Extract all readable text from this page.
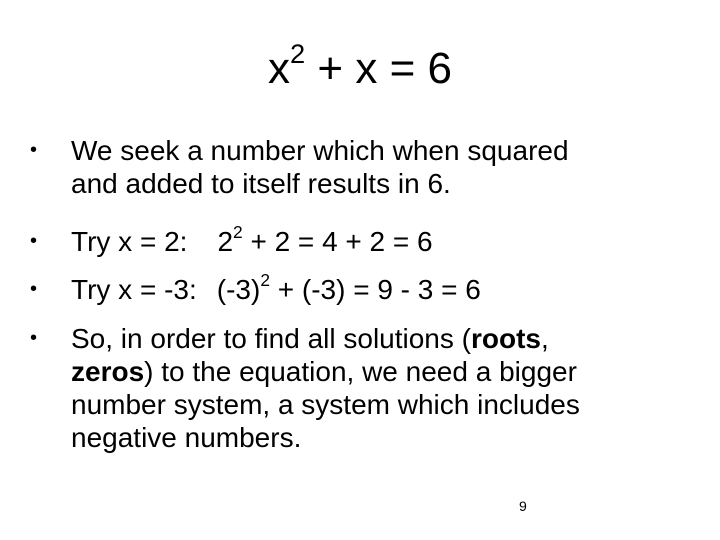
$x^2 + x = 6$
• We seek a number which when squared
and added to itself results in 6.
• Try x = 2: $2^2 + 2 = 4 + 2 = 6$
• Try x = -3: $(-3)^2 + (-3) = 9 - 3 = 6$
• So, in order to find all solutions (roots,
zeros) to the equation, we need a bigger
number system, a system which includes
negative numbers.
9
